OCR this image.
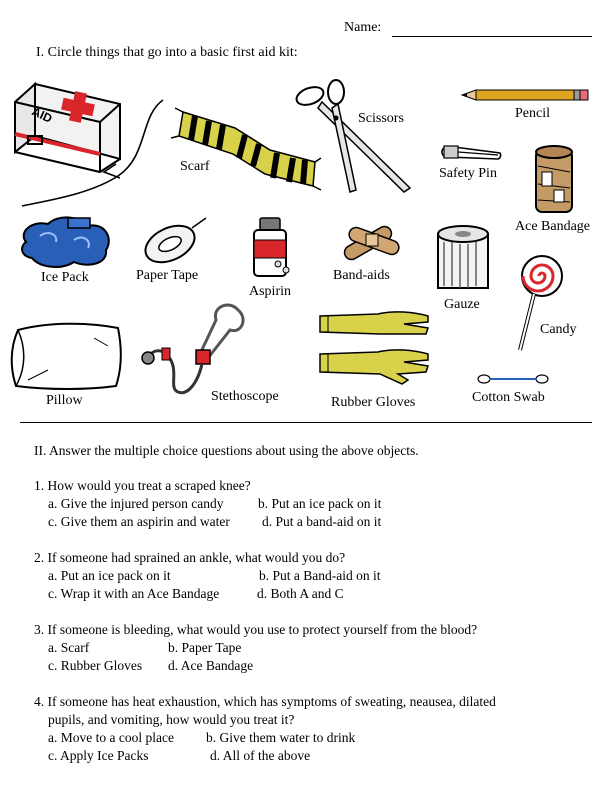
Name:
I. Circle things that go into a basic first aid kit:
AID
Scarf
Scissors	Pencil
Safety Pin
Ace Bandage
Ice Pack	Paper Tape
Aspirin
Band-aids
Gauze
Candy
Pillow	Stethoscope	Rubber Gloves	Cotton Swab
II. Answer the multiple choice questions about using the above objects.
1. How would you treat a scraped knee?
a. Give the injured person candy	b. Put an ice pack on it
c. Give them an aspirin and water d. Put a band-aid on it
2. If someone had sprained an ankle, what would you do?
a. Put an ice pack on it	b. Put a Band-aid on it
c. Wrap it with an Ace Bandage	d. Both A and C
3. If someone is bleeding, what would you use to protect yourself from the blood?
a. Scarf	b. Paper Tape
c. Rubber Gloves d. Ace Bandage
4. If someone has heat exhaustion, which has symptoms of sweating, neausea, dilated
pupils, and vomiting, how would you treat it?
a. Move to a cool place b. Give them water to drink
c. Apply Ice Packs	d. All of the above
